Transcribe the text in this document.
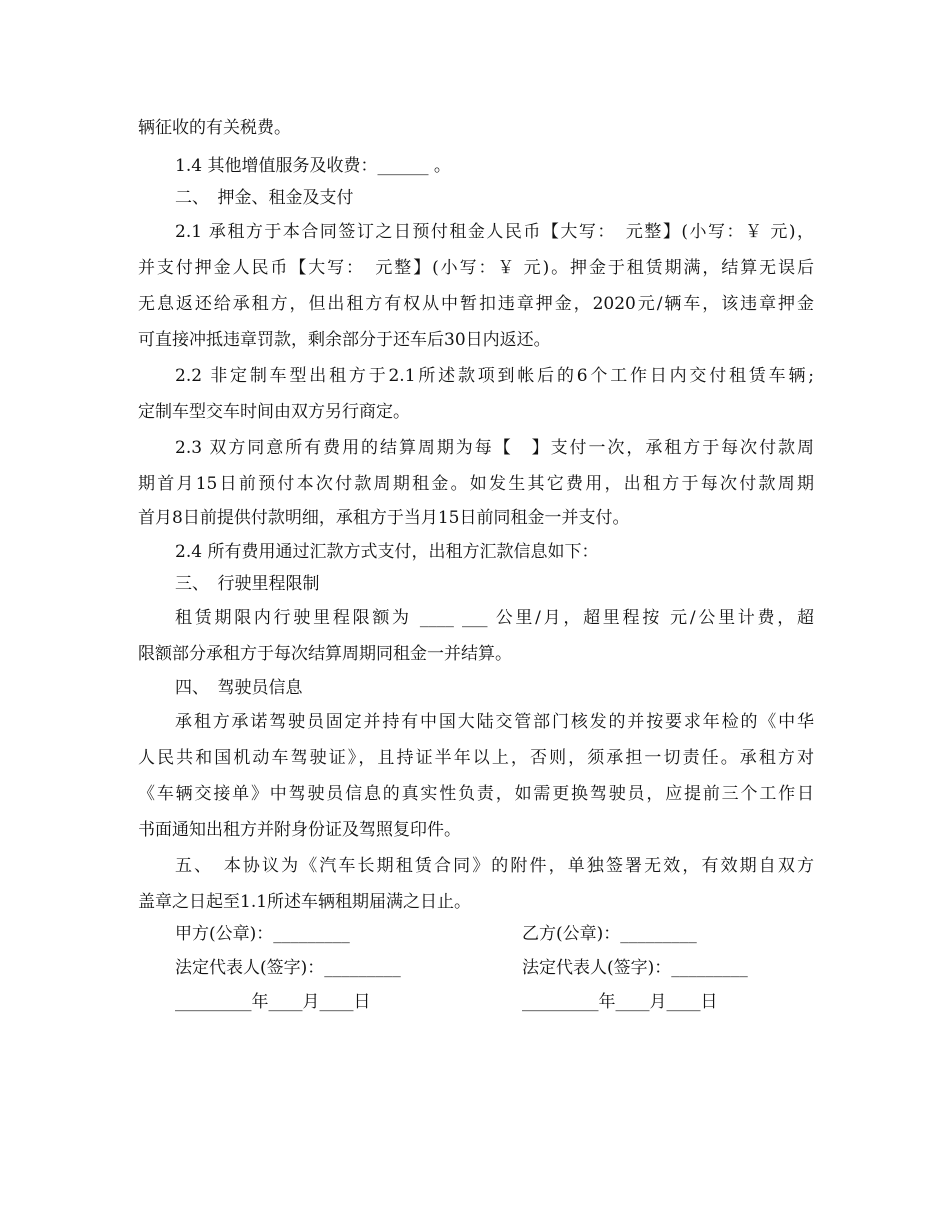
辆征收的有关税费。
1.4 其他增值服务及收费：______ 。
二、　押金、租金及支付
2.1 承租方于本合同签订之日预付租金人民币【大写：　元整】(小写：￥ 元)，
并支付押金人民币【大写：　元整】(小写：￥ 元)。押金于租赁期满，结算无误后
无息返还给承租方，但出租方有权从中暂扣违章押金，2020元/辆车，该违章押金
可直接冲抵违章罚款，剩余部分于还车后30日内返还。
2.2 非定制车型出租方于2.1所述款项到帐后的6个工作日内交付租赁车辆;
定制车型交车时间由双方另行商定。
2.3 双方同意所有费用的结算周期为每【　】支付一次，承租方于每次付款周
期首月15日前预付本次付款周期租金。如发生其它费用，出租方于每次付款周期
首月8日前提供付款明细，承租方于当月15日前同租金一并支付。
2.4 所有费用通过汇款方式支付，出租方汇款信息如下：
三、　行驶里程限制
租赁期限内行驶里程限额为 ____ ___ 公里/月，超里程按 元/公里计费，超
限额部分承租方于每次结算周期同租金一并结算。
四、　驾驶员信息
承租方承诺驾驶员固定并持有中国大陆交管部门核发的并按要求年检的《中华
人民共和国机动车驾驶证》，且持证半年以上，否则，须承担一切责任。承租方对
《车辆交接单》中驾驶员信息的真实性负责，如需更换驾驶员，应提前三个工作日
书面通知出租方并附身份证及驾照复印件。
五、　本协议为《汽车长期租赁合同》的附件，单独签署无效，有效期自双方
盖章之日起至1.1所述车辆租期届满之日止。
甲方(公章)：_________	乙方(公章)：_________
法定代表人(签字)：_________	法定代表人(签字)：_________
_________年____月____日	_________年____月____日
